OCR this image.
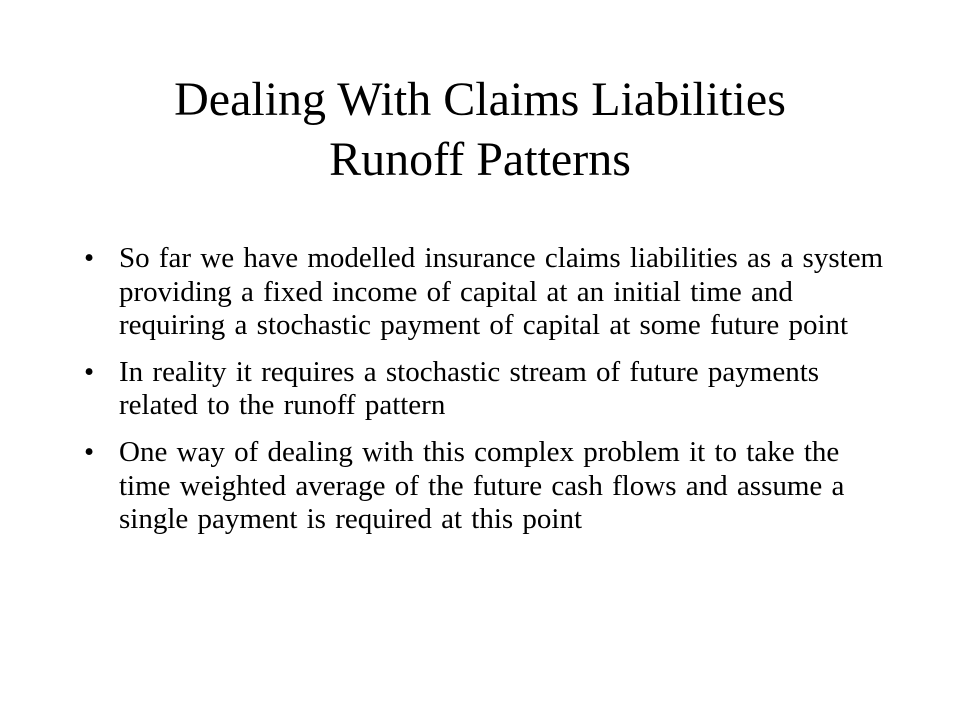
Dealing With Claims Liabilities
Runoff Patterns
• So far we have modelled insurance claims liabilities as a system providing a fixed income of capital at an initial time and requiring a stochastic payment of capital at some future point
• In reality it requires a stochastic stream of future payments related to the runoff pattern
• One way of dealing with this complex problem it to take the time weighted average of the future cash flows and assume a single payment is required at this point
